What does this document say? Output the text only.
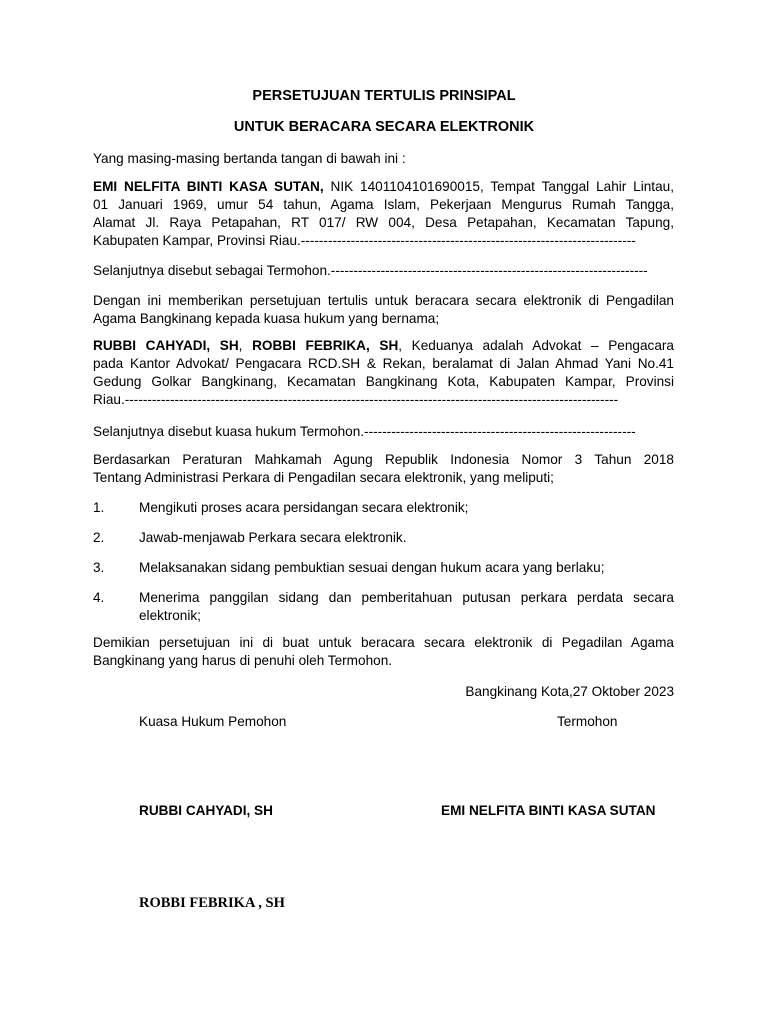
PERSETUJUAN TERTULIS PRINSIPAL
UNTUK BERACARA SECARA ELEKTRONIK
Yang masing-masing bertanda tangan di bawah ini :
EMI NELFITA BINTI KASA SUTAN, NIK 1401104101690015, Tempat Tanggal Lahir Lintau,
01 Januari 1969, umur 54 tahun, Agama Islam, Pekerjaan Mengurus Rumah Tangga,
Alamat Jl. Raya Petapahan, RT 017/ RW 004, Desa Petapahan, Kecamatan Tapung,
Kabupaten Kampar, Provinsi Riau.--------------------------------------------------------------------------
Selanjutnya disebut sebagai Termohon.----------------------------------------------------------------------
Dengan ini memberikan persetujuan tertulis untuk beracara secara elektronik di Pengadilan
Agama Bangkinang kepada kuasa hukum yang bernama;
RUBBI CAHYADI, SH, ROBBI FEBRIKA, SH, Keduanya adalah Advokat – Pengacara
pada Kantor Advokat/ Pengacara RCD.SH & Rekan, beralamat di Jalan Ahmad Yani No.41
Gedung Golkar Bangkinang, Kecamatan Bangkinang Kota, Kabupaten Kampar, Provinsi
Riau.-------------------------------------------------------------------------------------------------------------
Selanjutnya disebut kuasa hukum Termohon.------------------------------------------------------------
Berdasarkan Peraturan Mahkamah Agung Republik Indonesia Nomor 3 Tahun 2018
Tentang Administrasi Perkara di Pengadilan secara elektronik, yang meliputi;
1.	Mengikuti proses acara persidangan secara elektronik;
2.	Jawab-menjawab Perkara secara elektronik.
3.	Melaksanakan sidang pembuktian sesuai dengan hukum acara yang berlaku;
4.	Menerima panggilan sidang dan pemberitahuan putusan perkara perdata secara
elektronik;
Demikian persetujuan ini di buat untuk beracara secara elektronik di Pegadilan Agama
Bangkinang yang harus di penuhi oleh Termohon.
Bangkinang Kota,27 Oktober 2023
Kuasa Hukum Pemohon	Termohon
RUBBI CAHYADI, SH	EMI NELFITA BINTI KASA SUTAN
ROBBI FEBRIKA , SH
